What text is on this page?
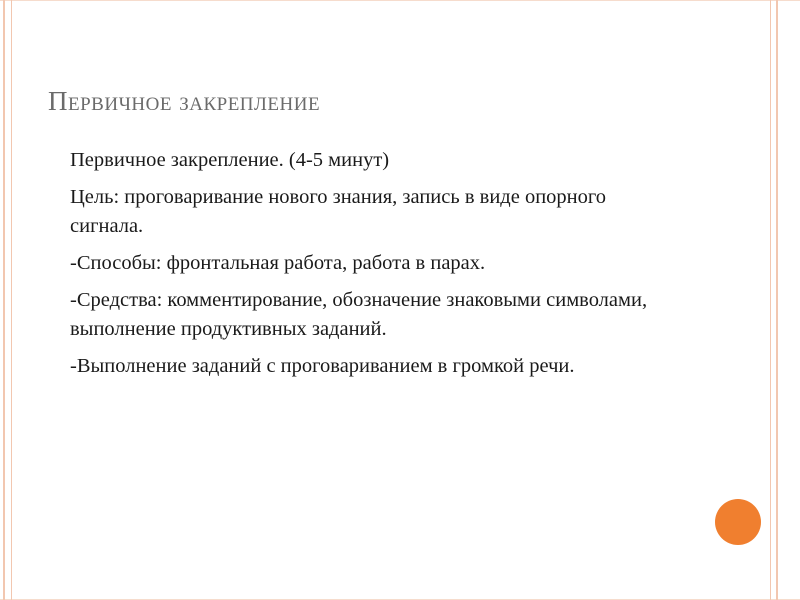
Первичное закрепление
Первичное закрепление. (4-5 минут)
Цель: проговаривание нового знания, запись в виде опорного сигнала.
-Способы: фронтальная работа, работа в парах.
-Средства: комментирование, обозначение знаковыми символами, выполнение продуктивных заданий.
-Выполнение заданий с проговариванием в громкой речи.
